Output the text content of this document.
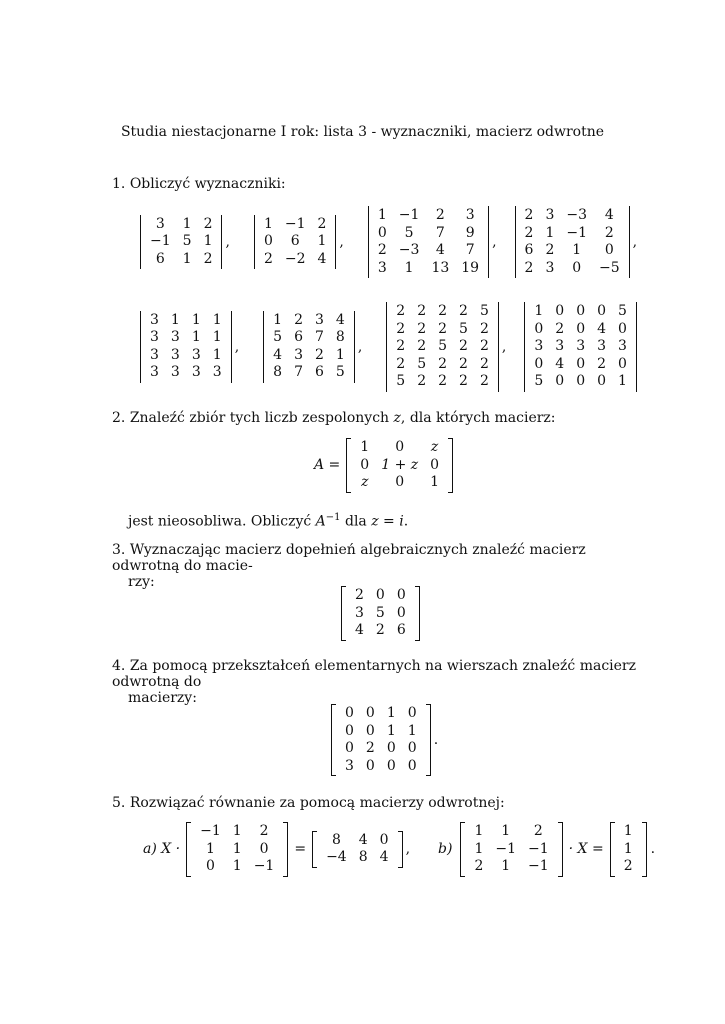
Studia niestacjonarne I rok: lista 3 - wyznaczniki, macierz odwrotne
1. Obliczyć wyznaczniki:
3	1	2
−1	5	1
6	1	2
,
1	−1	2
0	6	1
2	−2	4
,
1	−1	2	3
0	5	7	9
2	−3	4	7
3	1	13	19
,
2	3	−3	4
2	1	−1	2
6	2	1	0
2	3	0	−5
,
3	1	1	1
3	3	1	1
3	3	3	1
3	3	3	3
,
1	2	3	4
5	6	7	8
4	3	2	1
8	7	6	5
,
2	2	2	2	5
2	2	2	5	2
2	2	5	2	2
2	5	2	2	2
5	2	2	2	2
,
1	0	0	0	5
0	2	0	4	0
3	3	3	3	3
0	4	0	2	0
5	0	0	0	1
2. Znaleźć zbiór tych liczb zespolonych z, dla których macierz:
A =
1	0	z
0	1 + z	0
z	0	1
jest nieosobliwa. Obliczyć $A^{-1}$ dla z = i.
3. Wyznaczając macierz dopełnień algebraicznych znaleźć macierz odwrotną do macie-
rzy:
2	0	0
3	5	0
4	2	6
4. Za pomocą przekształceń elementarnych na wierszach znaleźć macierz odwrotną do
macierzy:
0	0	1	0
0	0	1	1
0	2	0	0
3	0	0	0
.
5. Rozwiązać równanie za pomocą macierzy odwrotnej:
a) X ·
−1	1	2
1	1	0
0	1	−1
=
8	4	0
−4	8	4 , b)
1	1	2
1	−1	−1
2	1	−1
· X =
1
1
2
.
